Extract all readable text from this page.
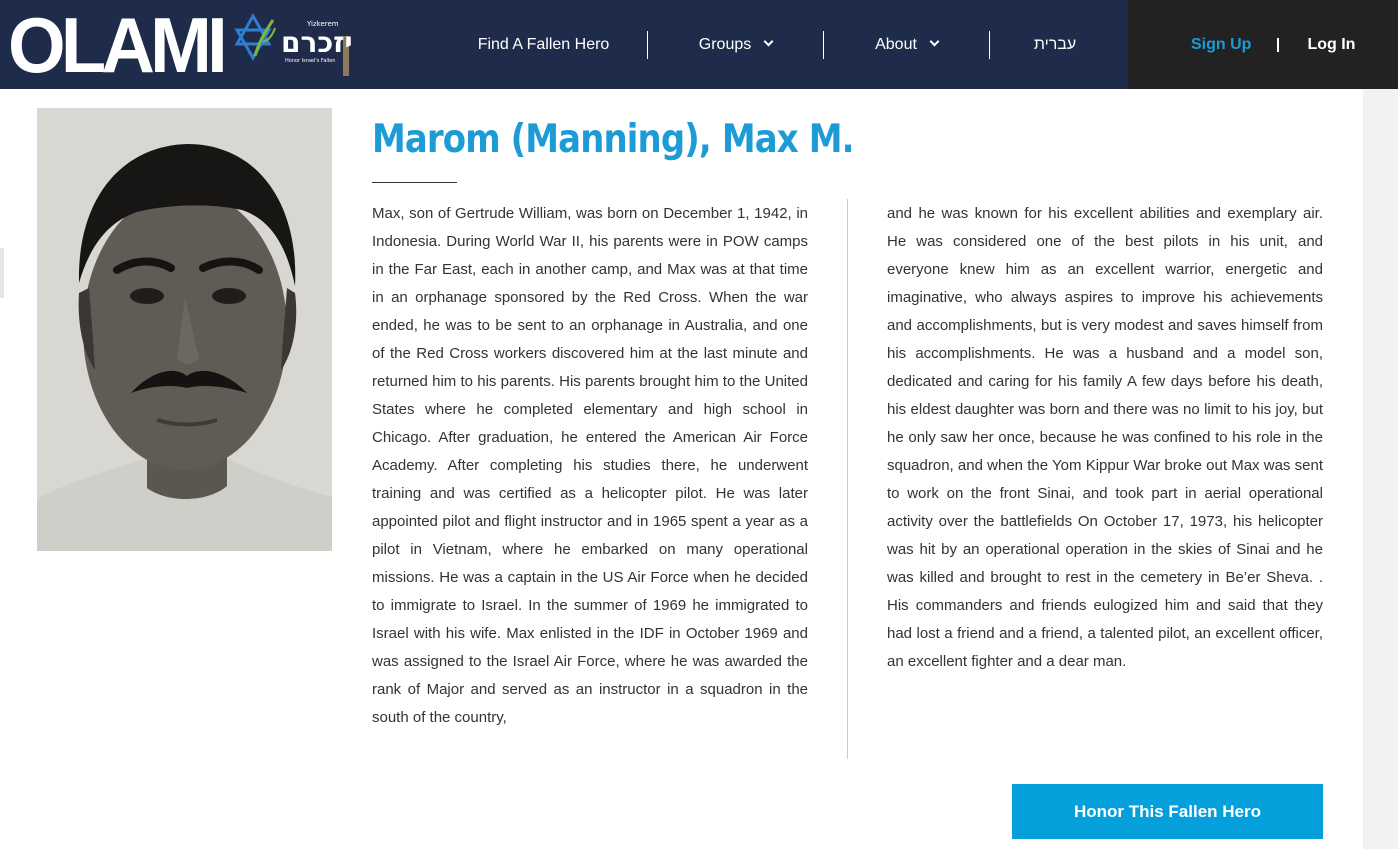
OLAMI יזכרם
Yizkerem
Honor Israel's Fallen
Find A Fallen Hero	Groups	About	עברית	Sign Up	Log In
Marom (Manning), Max M.

Max, son of Gertrude William, was born on December 1, 1942, in Indonesia. During World War II, his parents were in POW camps in the Far East, each in another camp, and Max was at that time in an orphanage sponsored by the Red Cross. When the war ended, he was to be sent to an orphanage in Australia, and one of the Red Cross workers discovered him at the last minute and returned him to his parents. His parents brought him to the United States where he completed elementary and high school in Chicago. After graduation, he entered the American Air Force Academy. After completing his studies there, he underwent training and was certified as a helicopter pilot. He was later appointed pilot and flight instructor and in 1965 spent a year as a pilot in Vietnam, where he embarked on many operational missions. He was a captain in the US Air Force when he decided to immigrate to Israel. In the summer of 1969 he immigrated to Israel with his wife. Max enlisted in the IDF in October 1969 and was assigned to the Israel Air Force, where he was awarded the rank of Major and served as an instructor in a squadron in the south of the country,

and he was known for his excellent abilities and exemplary air. He was considered one of the best pilots in his unit, and everyone knew him as an excellent warrior, energetic and imaginative, who always aspires to improve his achievements and accomplishments, but is very modest and saves himself from his accomplishments. He was a husband and a model son, dedicated and caring for his family A few days before his death, his eldest daughter was born and there was no limit to his joy, but he only saw her once, because he was confined to his role in the squadron, and when the Yom Kippur War broke out Max was sent to work on the front Sinai, and took part in aerial operational activity over the battlefields On October 17, 1973, his helicopter was hit by an operational operation in the skies of Sinai and he was killed and brought to rest in the cemetery in Be’er Sheva. . His commanders and friends eulogized him and said that they had lost a friend and a friend, a talented pilot, an excellent officer, an excellent fighter and a dear man.

Honor This Fallen Hero
